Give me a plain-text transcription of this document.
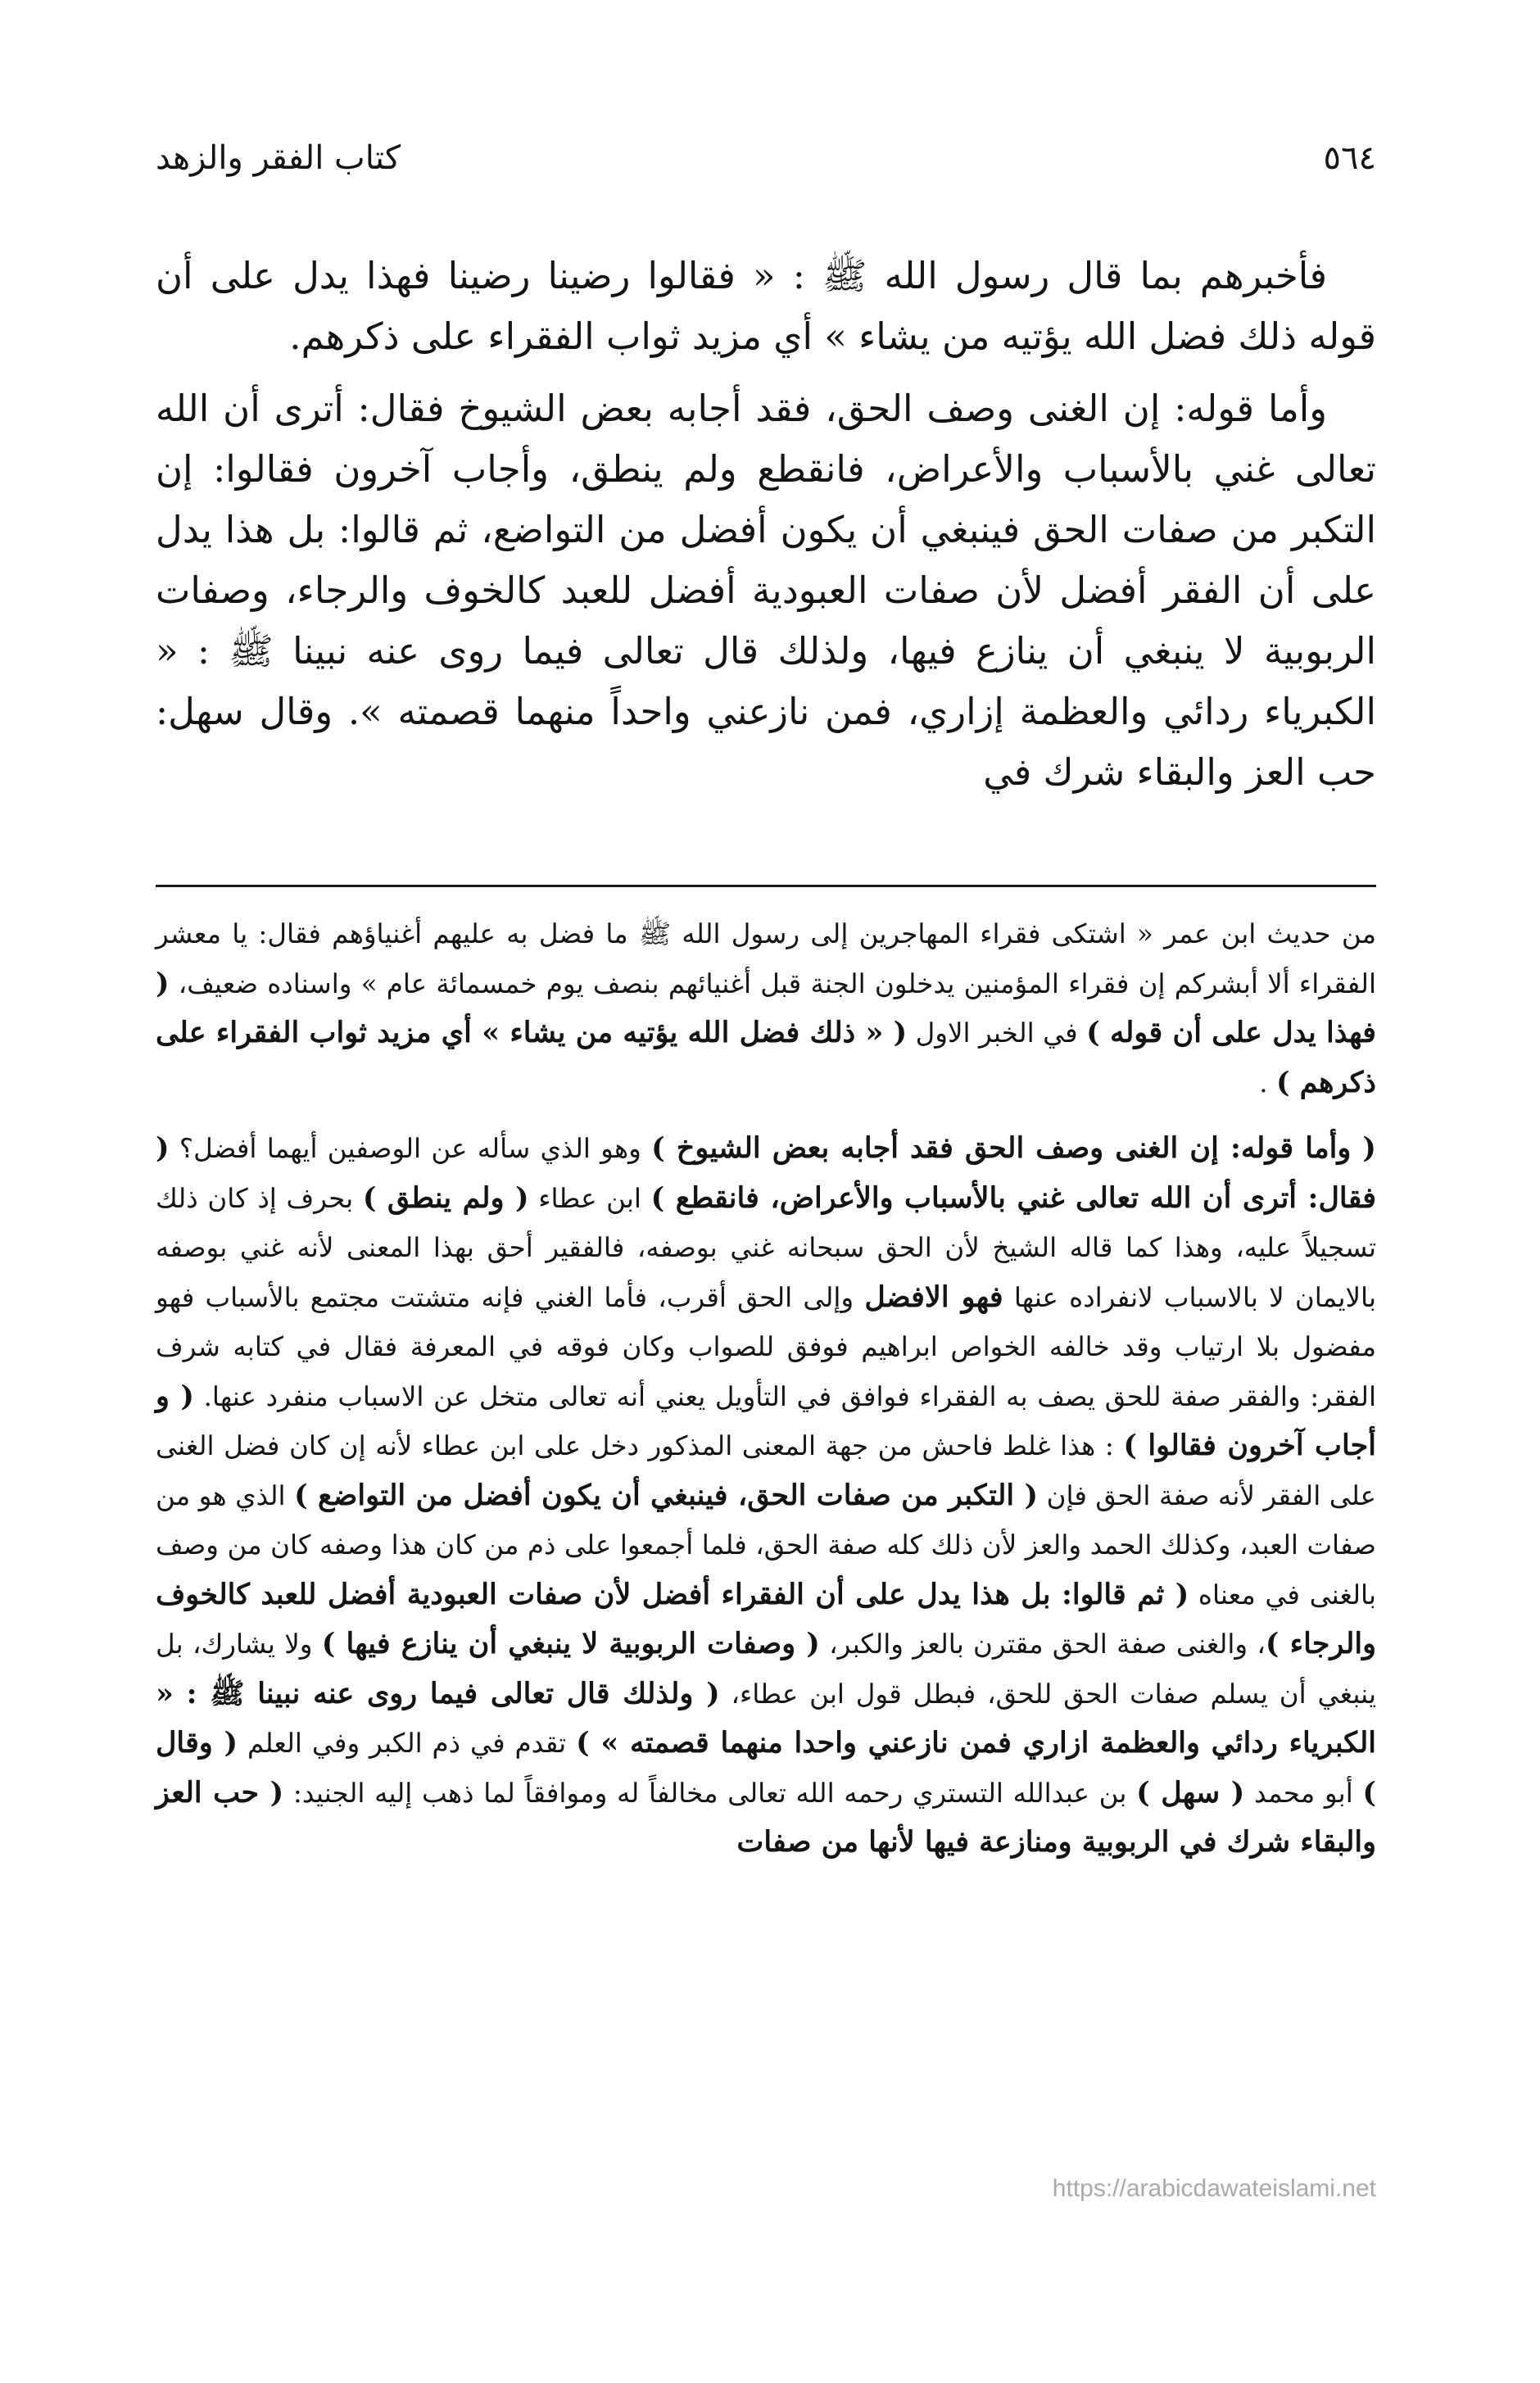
٥٦٤
كتاب الفقر والزهد

فأخبرهم بما قال رسول الله ﷺ : « فقالوا رضينا رضينا فهذا يدل على أن قوله ذلك فضل الله يؤتيه من يشاء » أي مزيد ثواب الفقراء على ذكرهم.

وأما قوله: إن الغنى وصف الحق، فقد أجابه بعض الشيوخ فقال: أترى أن الله تعالى غني بالأسباب والأعراض، فانقطع ولم ينطق، وأجاب آخرون فقالوا: إن التكبر من صفات الحق فينبغي أن يكون أفضل من التواضع، ثم قالوا: بل هذا يدل على أن الفقر أفضل لأن صفات العبودية أفضل للعبد كالخوف والرجاء، وصفات الربوبية لا ينبغي أن ينازع فيها، ولذلك قال تعالى فيما روى عنه نبينا ﷺ : « الكبرياء ردائي والعظمة إزاري، فمن نازعني واحداً منهما قصمته ». وقال سهل: حب العز والبقاء شرك في

من حديث ابن عمر « اشتكى فقراء المهاجرين إلى رسول الله ﷺ ما فضل به عليهم أغنياؤهم فقال: يا معشر الفقراء ألا أبشركم إن فقراء المؤمنين يدخلون الجنة قبل أغنيائهم بنصف يوم خمسمائة عام » واسناده ضعيف، ( فهذا يدل على أن قوله ) في الخبر الاول ( « ذلك فضل الله يؤتيه من يشاء » أي مزيد ثواب الفقراء على ذكرهم ) .

( وأما قوله: إن الغنى وصف الحق فقد أجابه بعض الشيوخ ) وهو الذي سأله عن الوصفين أيهما أفضل؟ ( فقال: أترى أن الله تعالى غني بالأسباب والأعراض، فانقطع ) ابن عطاء ( ولم ينطق ) بحرف إذ كان ذلك تسجيلاً عليه، وهذا كما قاله الشيخ لأن الحق سبحانه غني بوصفه، فالفقير أحق بهذا المعنى لأنه غني بوصفه بالايمان لا بالاسباب لانفراده عنها فهو الافضل وإلى الحق أقرب، فأما الغني فإنه متشتت مجتمع بالأسباب فهو مفضول بلا ارتياب وقد خالفه الخواص ابراهيم فوفق للصواب وكان فوقه في المعرفة فقال في كتابه شرف الفقر: والفقر صفة للحق يصف به الفقراء فوافق في التأويل يعني أنه تعالى متخل عن الاسباب منفرد عنها. ( و أجاب آخرون فقالوا ) : هذا غلط فاحش من جهة المعنى المذكور دخل على ابن عطاء لأنه إن كان فضل الغنى على الفقر لأنه صفة الحق فإن ( التكبر من صفات الحق، فينبغي أن يكون أفضل من التواضع ) الذي هو من صفات العبد، وكذلك الحمد والعز لأن ذلك كله صفة الحق، فلما أجمعوا على ذم من كان هذا وصفه كان من وصف بالغنى في معناه ( ثم قالوا: بل هذا يدل على أن الفقراء أفضل لأن صفات العبودية أفضل للعبد كالخوف والرجاء )، والغنى صفة الحق مقترن بالعز والكبر، ( وصفات الربوبية لا ينبغي أن ينازع فيها ) ولا يشارك، بل ينبغي أن يسلم صفات الحق للحق، فبطل قول ابن عطاء، ( ولذلك قال تعالى فيما روى عنه نبينا ﷺ : « الكبرياء ردائي والعظمة ازاري فمن نازعني واحدا منهما قصمته » ) تقدم في ذم الكبر وفي العلم ( وقال ) أبو محمد ( سهل ) بن عبدالله التستري رحمه الله تعالى مخالفاً له وموافقاً لما ذهب إليه الجنيد: ( حب العز والبقاء شرك في الربوبية ومنازعة فيها لأنها من صفات

https://arabicdawateislami.net
